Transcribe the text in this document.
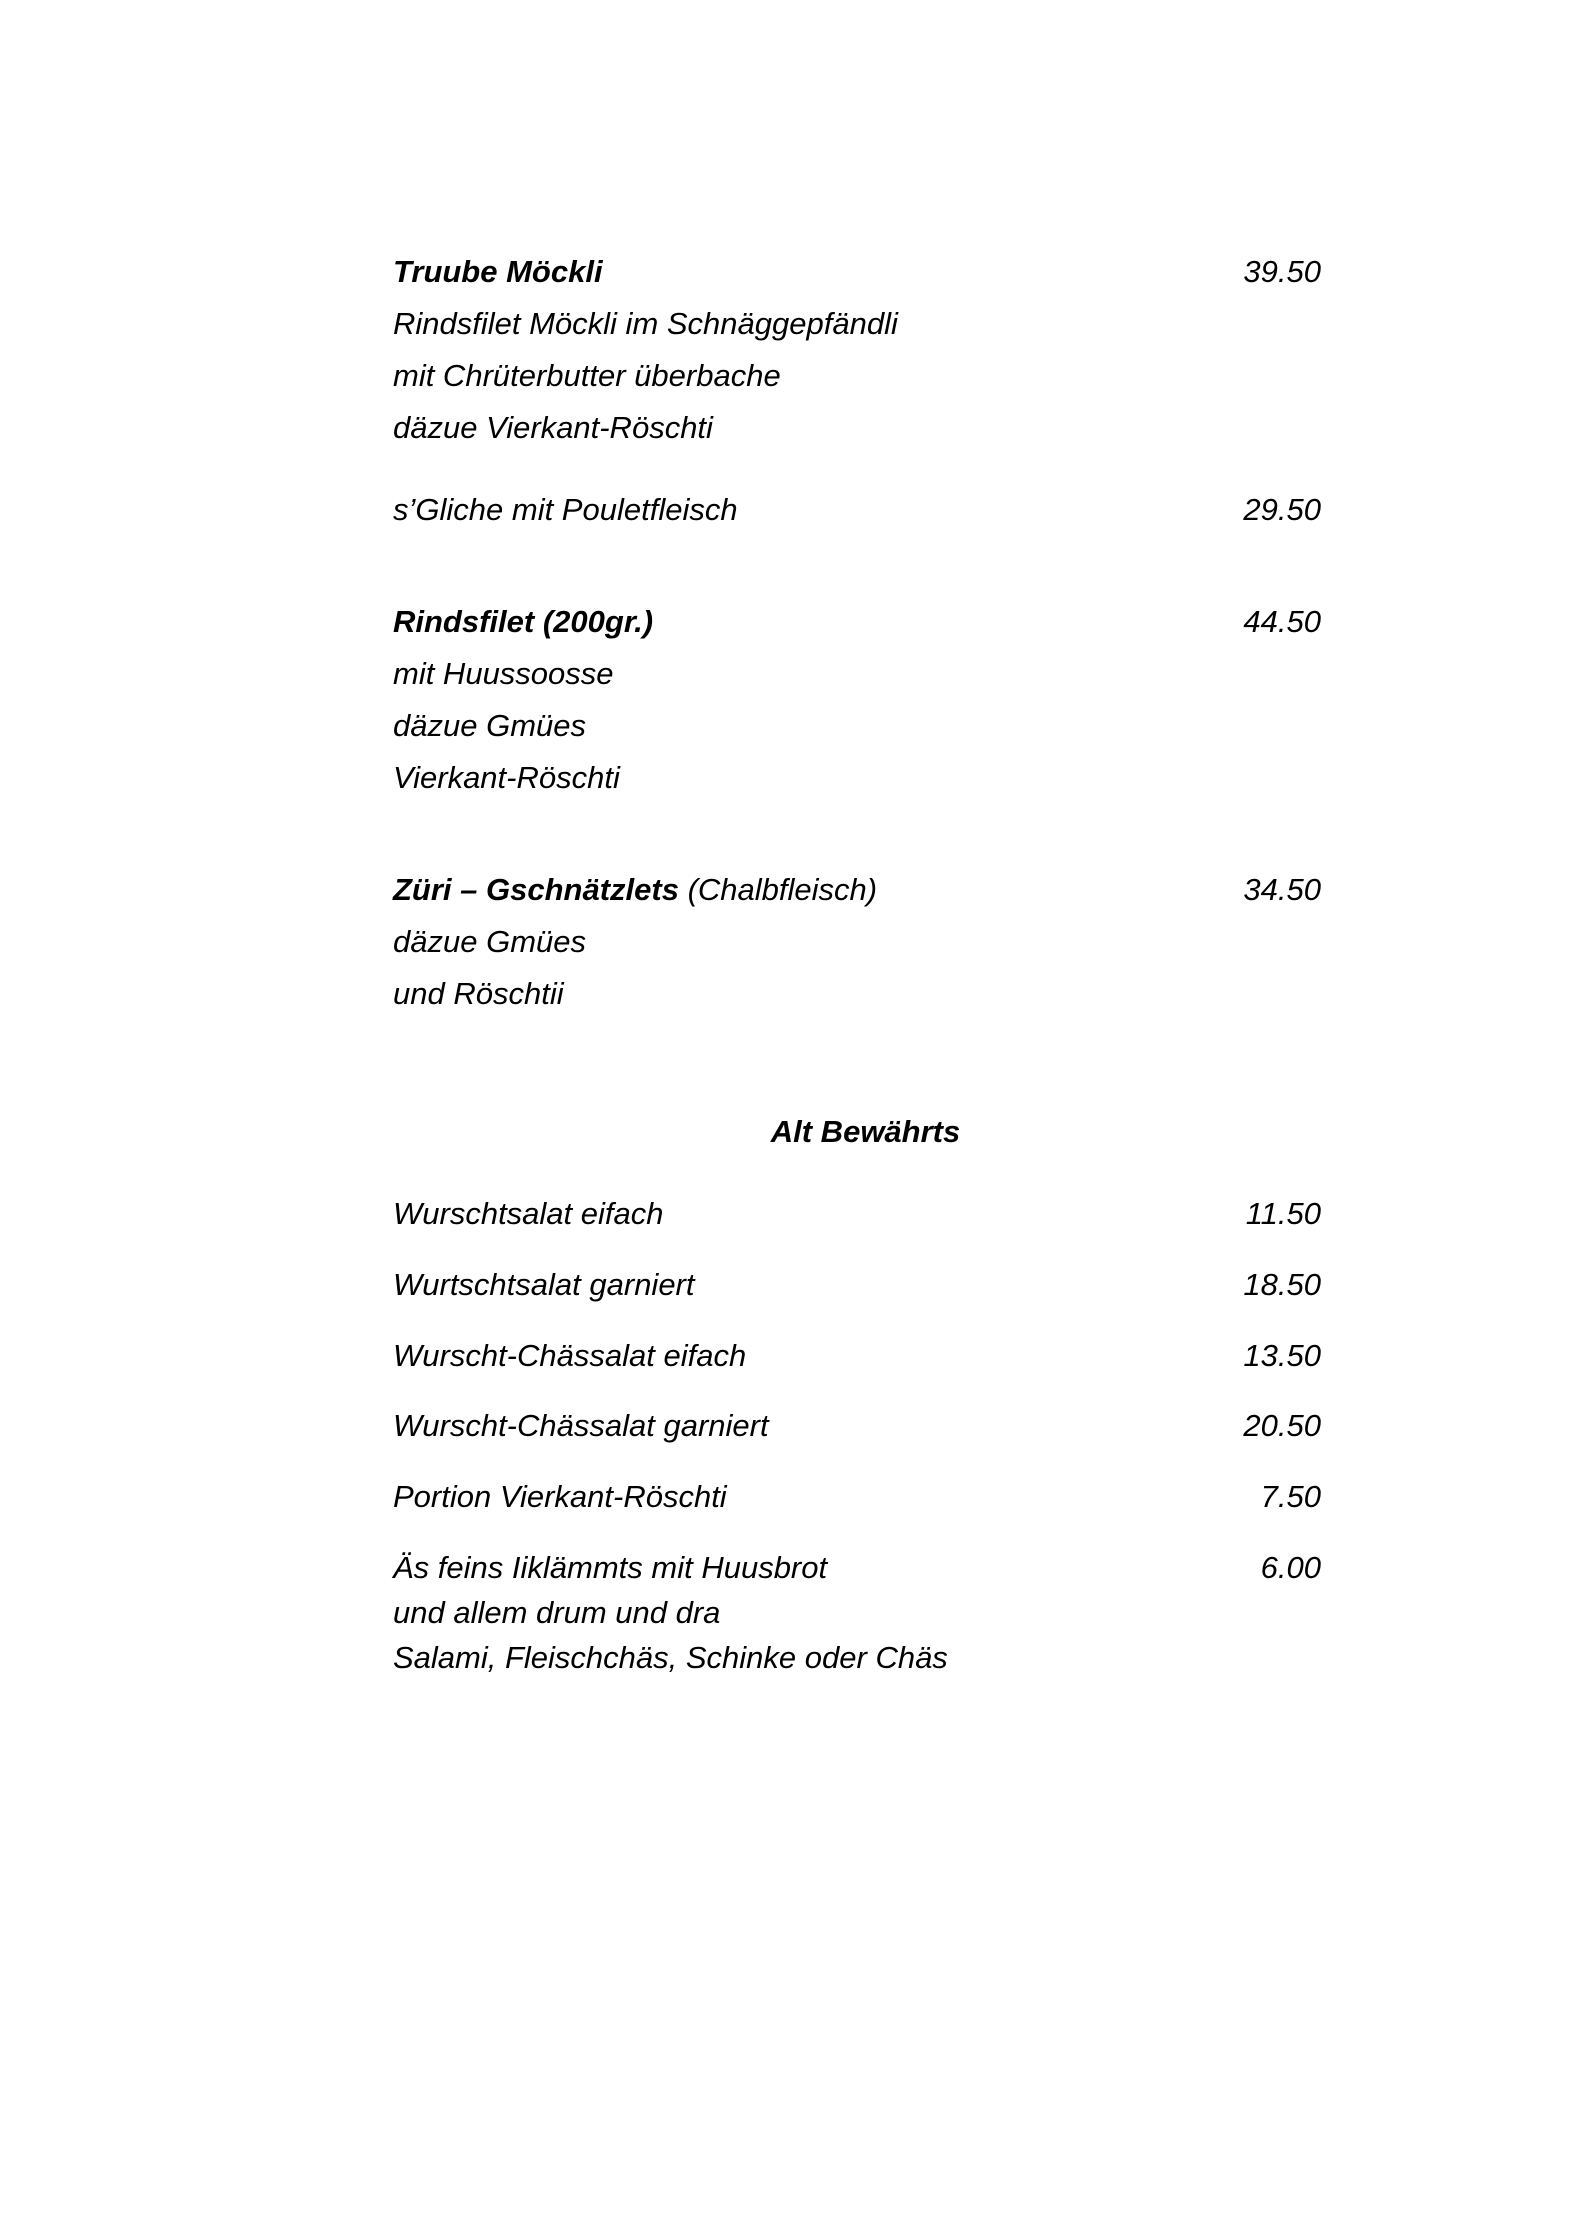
Truube Möckli	39.50
Rindsfilet Möckli im Schnäggepfändli
mit Chrüterbutter überbache
däzue Vierkant-Röschti
s’Gliche mit Pouletfleisch	29.50
Rindsfilet (200gr.)	44.50
mit Huussoosse
däzue Gmües
Vierkant-Röschti
Züri – Gschnätzlets (Chalbfleisch)	34.50
däzue Gmües
und Röschtii
Alt Bewährts
Wurschtsalat eifach	11.50
Wurtschtsalat garniert	18.50
Wurscht-Chässalat eifach	13.50
Wurscht-Chässalat garniert	20.50
Portion Vierkant-Röschti	7.50
Äs feins Iiklämmts mit Huusbrot	6.00
und allem drum und dra
Salami, Fleischchäs, Schinke oder Chäs
